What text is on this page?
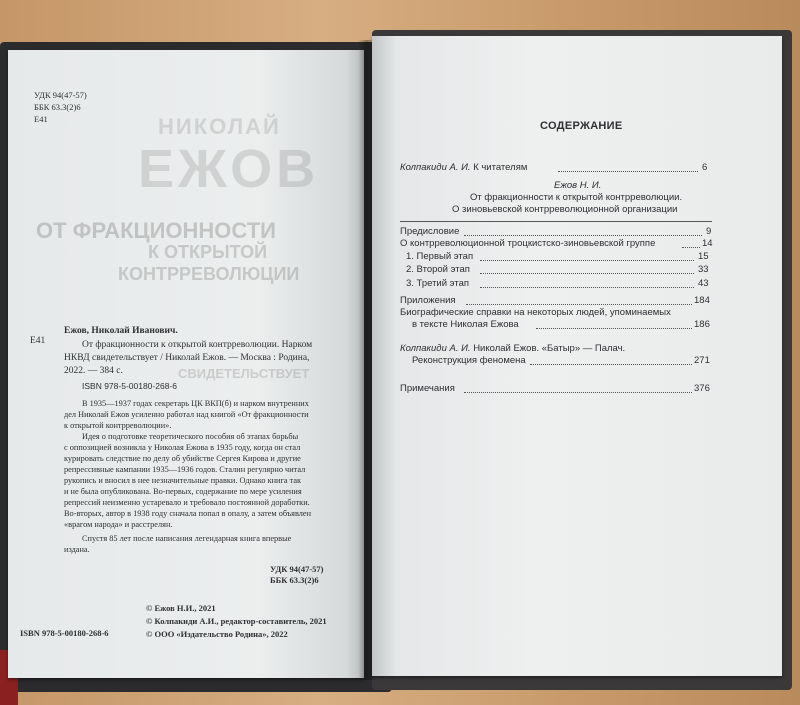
НИКОЛАЙ
ЕЖОВ
ОТ ФРАКЦИОННОСТИ
К ОТКРЫТОЙ
КОНТРРЕВОЛЮЦИИ
СВИДЕТЕЛЬСТВУЕТ
УДК 94(47-57)
ББК 63.3(2)6
Е41
Е41
Ежов, Николай Иванович.
От фракционности к открытой контрреволюции. Нарком
НКВД свидетельствует / Николай Ежов. — Москва : Родина,
2022. — 384 с.
ISBN 978-5-00180-268-6
В 1935—1937 годах секретарь ЦК ВКП(б) и нарком внутренних
дел Николай Ежов усиленно работал над книгой «От фракционности
к открытой контрреволюции».
Идея о подготовке теоретического пособия об этапах борьбы
с оппозицией возникла у Николая Ежова в 1935 году, когда он стал
курировать следствие по делу об убийстве Сергея Кирова и другие
репрессивные кампании 1935—1936 годов. Сталин регулярно читал
рукопись и вносил в нее незначительные правки. Однако книга так
и не была опубликована. Во-первых, содержание по мере усиления
репрессий неизменно устаревало и требовало постоянной доработки.
Во-вторых, автор в 1938 году сначала попал в опалу, а затем объявлен
«врагом народа» и расстрелян.
Спустя 85 лет после написания легендарная книга впервые
издана.
УДК 94(47-57)
ББК 63.3(2)6
© Ежов Н.И., 2021
© Колпакиди А.И., редактор-составитель, 2021
ISBN 978-5-00180-268-6	© ООО «Издательство Родина», 2022
СОДЕРЖАНИЕ
Колпакиди А. И. К читателям	6
Ежов Н. И.
От фракционности к открытой контрреволюции.
О зиновьевской контрреволюционной организации
Предисловие	9
О контрреволюционной троцкистско-зиновьевской группе	14
1. Первый этап	15
2. Второй этап	33
3. Третий этап	43
Приложения	184
Биографические справки на некоторых людей, упоминаемых
в тексте Николая Ежова	186
Колпакиди А. И. Николай Ежов. «Батыр» — Палач.
Реконструкция феномена	271
Примечания	376
